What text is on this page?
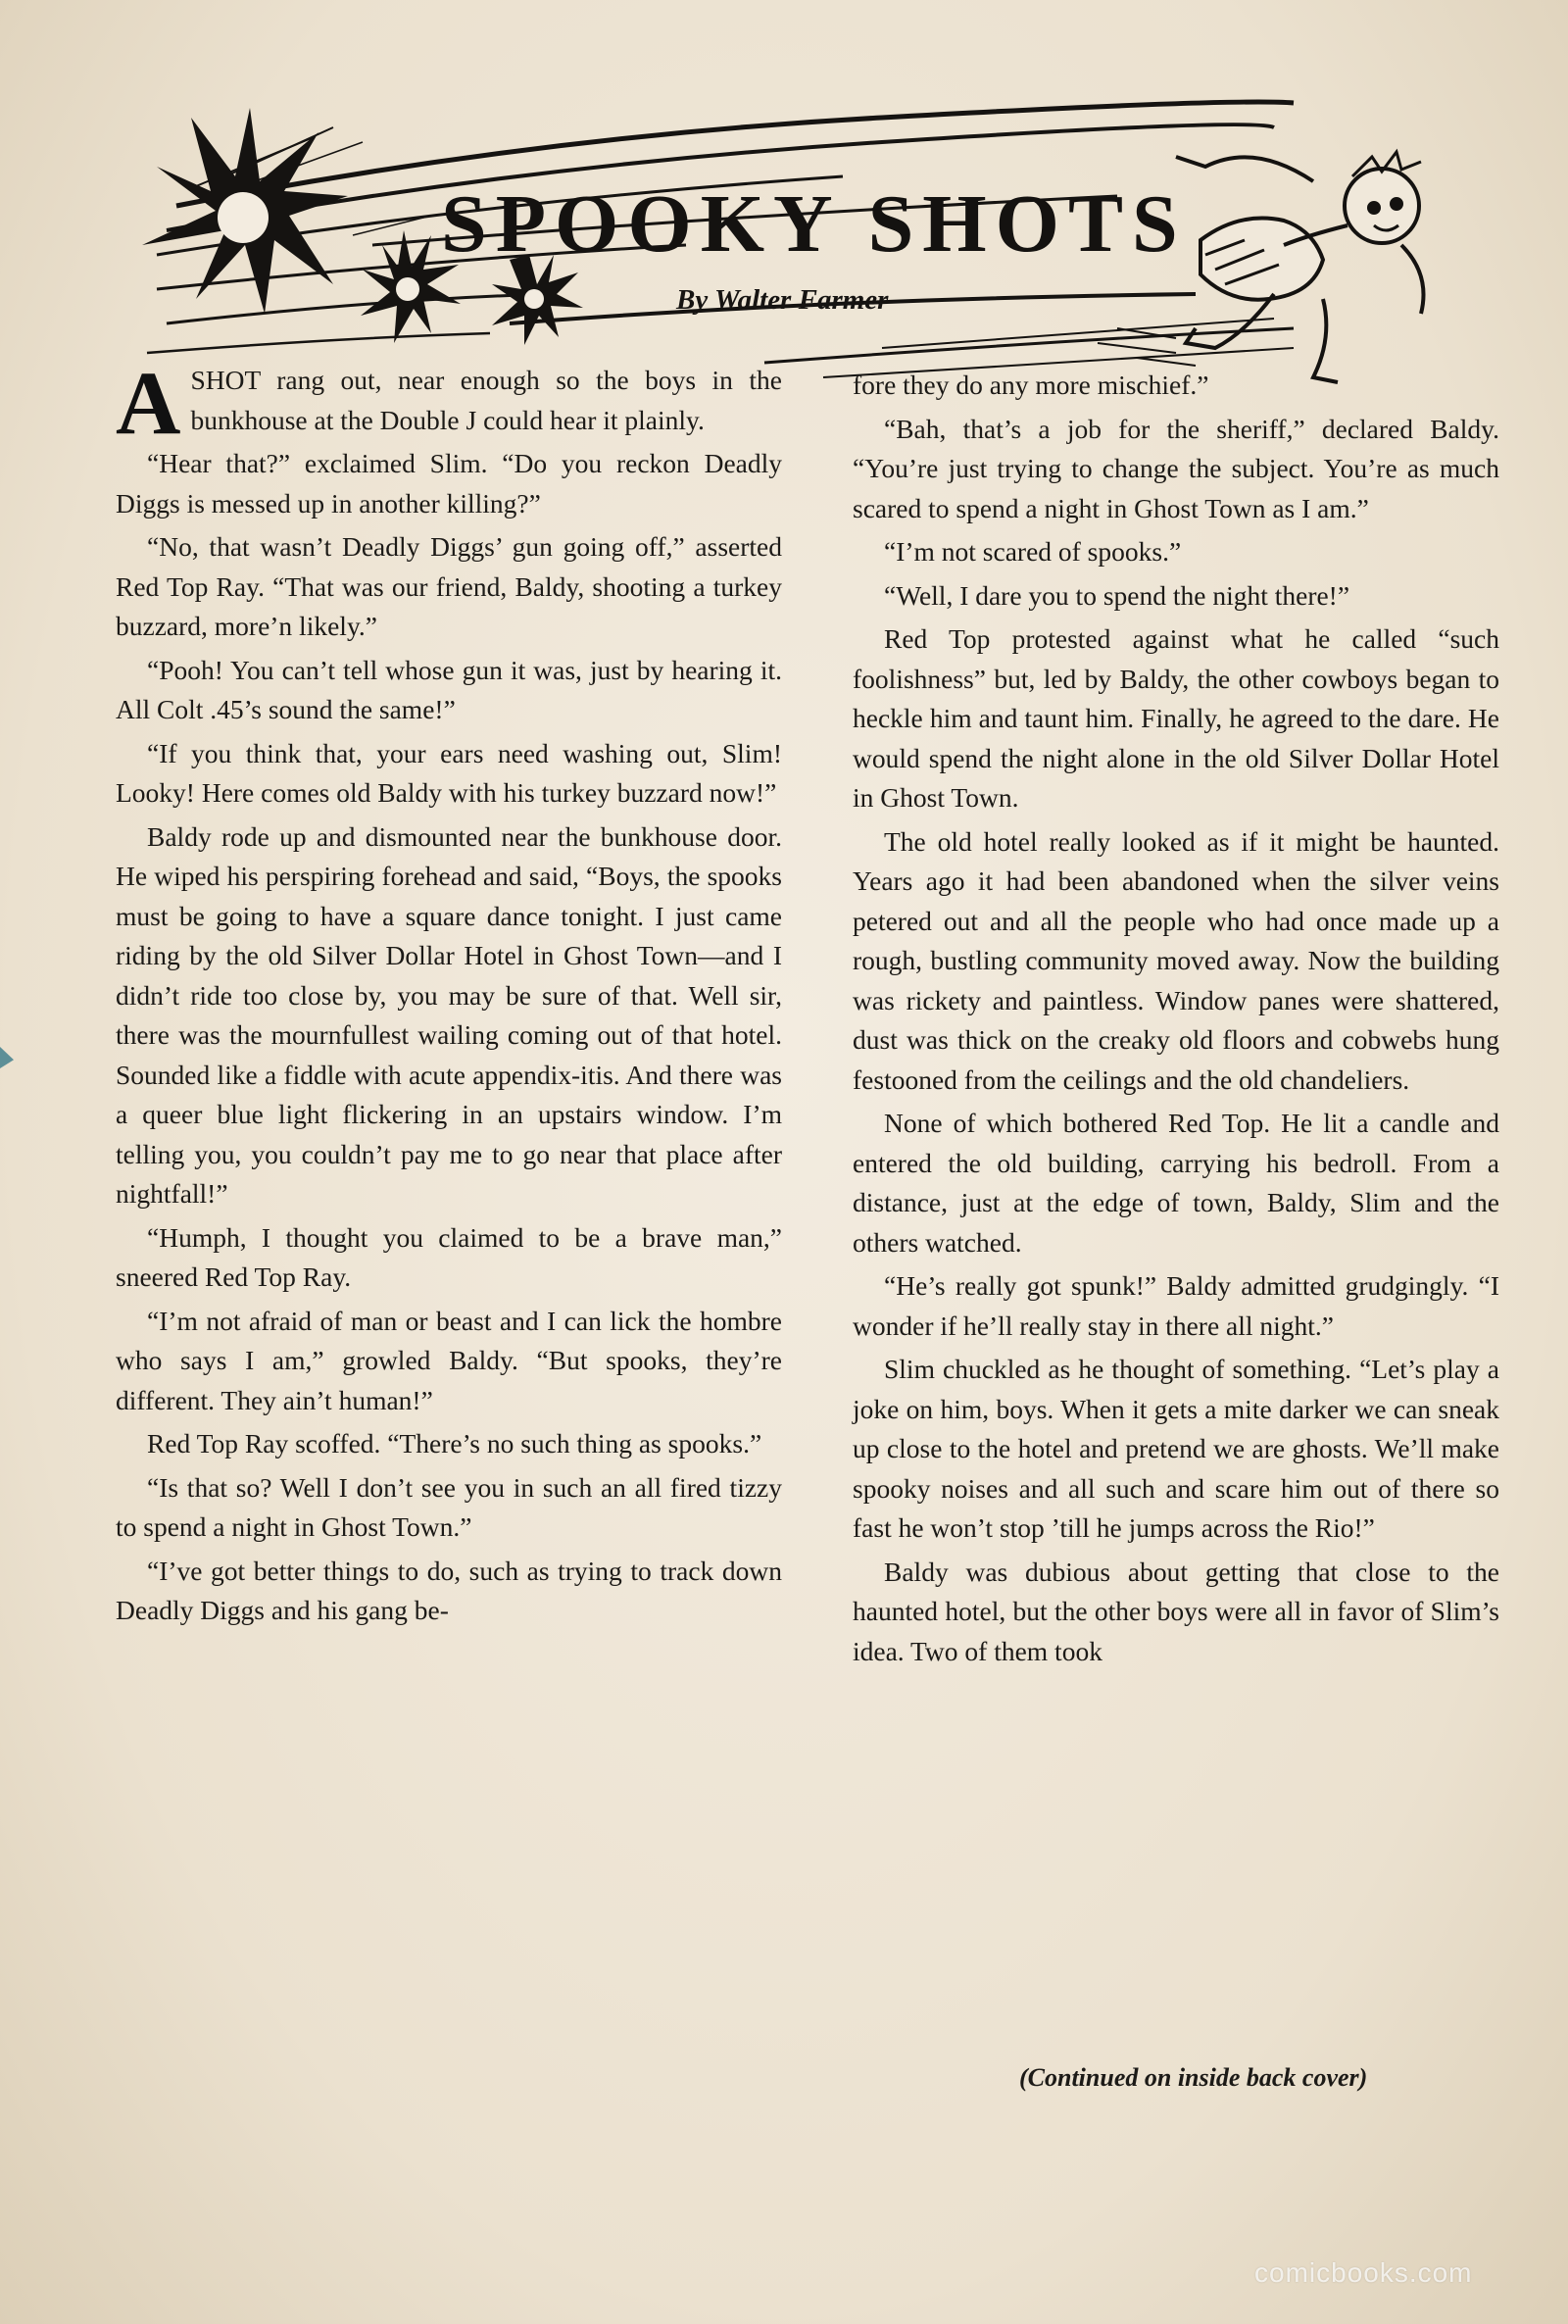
SPOOKY SHOTS
By Walter Farmer

A SHOT rang out, near enough so the boys in the bunkhouse at the Double J could hear it plainly.

“Hear that?” exclaimed Slim. “Do you reckon Deadly Diggs is messed up in another killing?”

“No, that wasn’t Deadly Diggs’ gun going off,” asserted Red Top Ray. “That was our friend, Baldy, shooting a turkey buzzard, more’n likely.”

“Pooh! You can’t tell whose gun it was, just by hearing it. All Colt .45’s sound the same!”

“If you think that, your ears need washing out, Slim! Looky! Here comes old Baldy with his turkey buzzard now!”

Baldy rode up and dismounted near the bunkhouse door. He wiped his perspiring forehead and said, “Boys, the spooks must be going to have a square dance tonight. I just came riding by the old Silver Dollar Hotel in Ghost Town—and I didn’t ride too close by, you may be sure of that. Well sir, there was the mournfullest wailing coming out of that hotel. Sounded like a fiddle with acute appendix-itis. And there was a queer blue light flickering in an upstairs window. I’m telling you, you couldn’t pay me to go near that place after nightfall!”

“Humph, I thought you claimed to be a brave man,” sneered Red Top Ray.

“I’m not afraid of man or beast and I can lick the hombre who says I am,” growled Baldy. “But spooks, they’re different. They ain’t human!”

Red Top Ray scoffed. “There’s no such thing as spooks.”

“Is that so? Well I don’t see you in such an all fired tizzy to spend a night in Ghost Town.”

“I’ve got better things to do, such as trying to track down Deadly Diggs and his gang be-

fore they do any more mischief.”

“Bah, that’s a job for the sheriff,” declared Baldy. “You’re just trying to change the subject. You’re as much scared to spend a night in Ghost Town as I am.”

“I’m not scared of spooks.”

“Well, I dare you to spend the night there!”

Red Top protested against what he called “such foolishness” but, led by Baldy, the other cowboys began to heckle him and taunt him. Finally, he agreed to the dare. He would spend the night alone in the old Silver Dollar Hotel in Ghost Town.

The old hotel really looked as if it might be haunted. Years ago it had been abandoned when the silver veins petered out and all the people who had once made up a rough, bustling community moved away. Now the building was rickety and paintless. Window panes were shattered, dust was thick on the creaky old floors and cobwebs hung festooned from the ceilings and the old chandeliers.

None of which bothered Red Top. He lit a candle and entered the old building, carrying his bedroll. From a distance, just at the edge of town, Baldy, Slim and the others watched.

“He’s really got spunk!” Baldy admitted grudgingly. “I wonder if he’ll really stay in there all night.”

Slim chuckled as he thought of something. “Let’s play a joke on him, boys. When it gets a mite darker we can sneak up close to the hotel and pretend we are ghosts. We’ll make spooky noises and all such and scare him out of there so fast he won’t stop ’till he jumps across the Rio!”

Baldy was dubious about getting that close to the haunted hotel, but the other boys were all in favor of Slim’s idea. Two of them took

(Continued on inside back cover)
comicbooks.com
